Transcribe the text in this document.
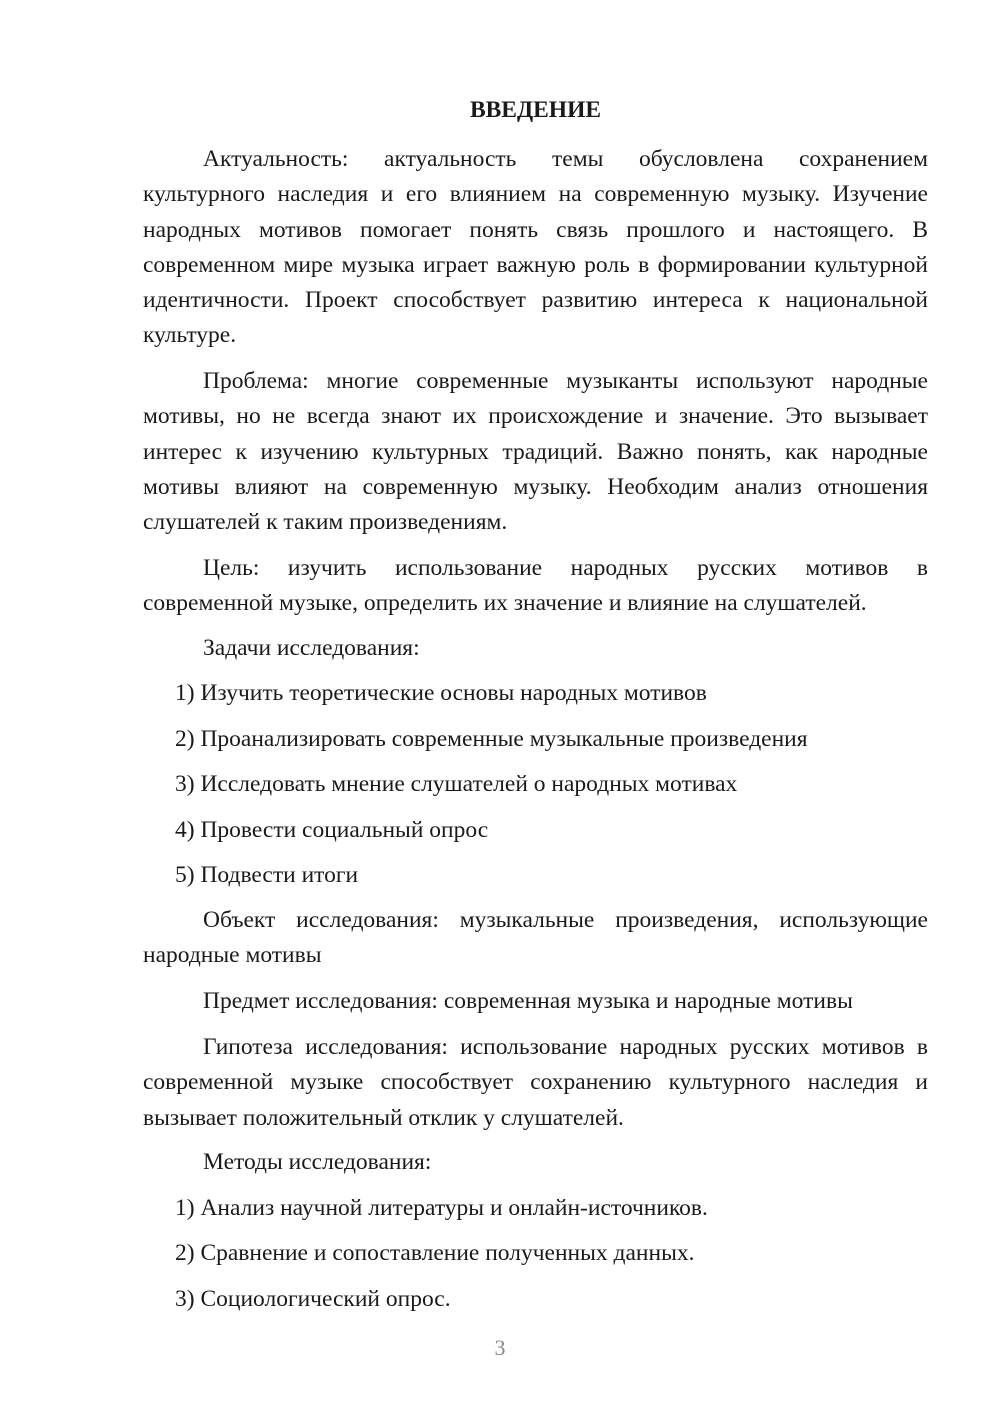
ВВЕДЕНИЕ

Актуальность: актуальность темы обусловлена сохранением культурного наследия и его влиянием на современную музыку. Изучение народных мотивов помогает понять связь прошлого и настоящего. В современном мире музыка играет важную роль в формировании культурной идентичности. Проект способствует развитию интереса к национальной культуре.

Проблема: многие современные музыканты используют народные мотивы, но не всегда знают их происхождение и значение. Это вызывает интерес к изучению культурных традиций. Важно понять, как народные мотивы влияют на современную музыку. Необходим анализ отношения слушателей к таким произведениям.

Цель: изучить использование народных русских мотивов в современной музыке, определить их значение и влияние на слушателей.

Задачи исследования:

1) Изучить теоретические основы народных мотивов

2) Проанализировать современные музыкальные произведения

3) Исследовать мнение слушателей о народных мотивах

4) Провести социальный опрос

5) Подвести итоги

Объект исследования: музыкальные произведения, использующие народные мотивы

Предмет исследования: современная музыка и народные мотивы

Гипотеза исследования: использование народных русских мотивов в современной музыке способствует сохранению культурного наследия и вызывает положительный отклик у слушателей.

Методы исследования:

1) Анализ научной литературы и онлайн-источников.

2) Сравнение и сопоставление полученных данных.

3) Социологический опрос.

3
